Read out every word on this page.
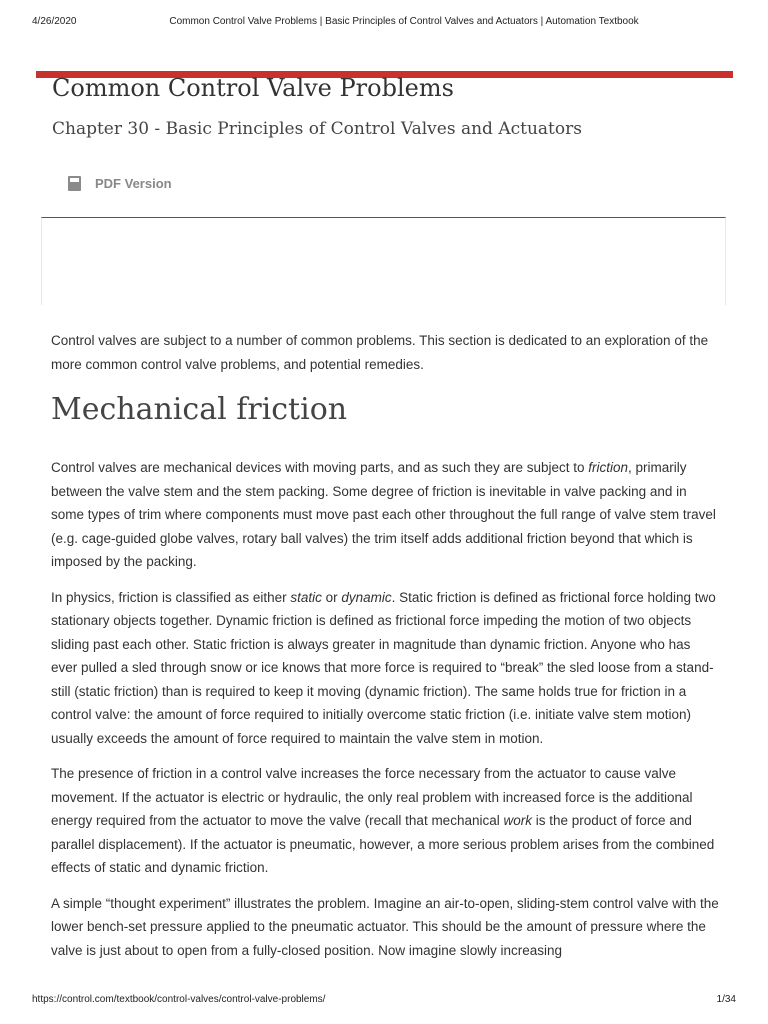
4/26/2020	Common Control Valve Problems | Basic Principles of Control Valves and Actuators | Automation Textbook
Common Control Valve Problems
Chapter 30 - Basic Principles of Control Valves and Actuators
PDF Version

Control valves are subject to a number of common problems. This section is dedicated to an exploration of the more common control valve problems, and potential remedies.

Mechanical friction

Control valves are mechanical devices with moving parts, and as such they are subject to friction, primarily between the valve stem and the stem packing. Some degree of friction is inevitable in valve packing and in some types of trim where components must move past each other throughout the full range of valve stem travel (e.g. cage-guided globe valves, rotary ball valves) the trim itself adds additional friction beyond that which is imposed by the packing.

In physics, friction is classified as either static or dynamic. Static friction is defined as frictional force holding two stationary objects together. Dynamic friction is defined as frictional force impeding the motion of two objects sliding past each other. Static friction is always greater in magnitude than dynamic friction. Anyone who has ever pulled a sled through snow or ice knows that more force is required to “break” the sled loose from a stand-still (static friction) than is required to keep it moving (dynamic friction). The same holds true for friction in a control valve: the amount of force required to initially overcome static friction (i.e. initiate valve stem motion) usually exceeds the amount of force required to maintain the valve stem in motion.

The presence of friction in a control valve increases the force necessary from the actuator to cause valve movement. If the actuator is electric or hydraulic, the only real problem with increased force is the additional energy required from the actuator to move the valve (recall that mechanical work is the product of force and parallel displacement). If the actuator is pneumatic, however, a more serious problem arises from the combined effects of static and dynamic friction.

A simple “thought experiment” illustrates the problem. Imagine an air-to-open, sliding-stem control valve with the lower bench-set pressure applied to the pneumatic actuator. This should be the amount of pressure where the valve is just about to open from a fully-closed position. Now imagine slowly increasing

https://control.com/textbook/control-valves/control-valve-problems/	1/34
